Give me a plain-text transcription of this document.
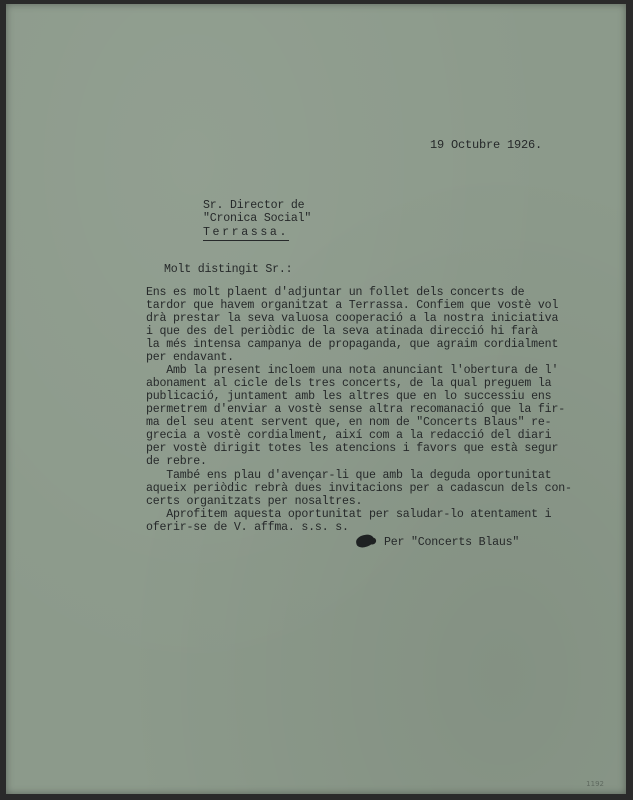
19 Octubre 1926.
Sr. Director de
"Cronica Social"
Terrassa.
Molt distingit Sr.:

Ens es molt plaent d'adjuntar un follet dels concerts de

tardor que havem organitzat a Terrassa. Confiem que vostè vol

drà prestar la seva valuosa cooperació a la nostra iniciativa

i que des del periòdic de la seva atinada direcció hi farà

la més intensa campanya de propaganda, que agraim cordialment

per endavant.

Amb la present incloem una nota anunciant l'obertura de l'

abonament al cicle dels tres concerts, de la qual preguem la

publicació, juntament amb les altres que en lo successiu ens

permetrem d'enviar a vostè sense altra recomanació que la fir-

ma del seu atent servent que, en nom de "Concerts Blaus" re-

grecia a vostè cordialment, així com a la redacció del diari

per vostè dirigit totes les atencions i favors que està segur

de rebre.

També ens plau d'avençar-li que amb la deguda oportunitat

aqueix periòdic rebrà dues invitacions per a cadascun dels con-

certs organitzats per nosaltres.

Aprofitem aquesta oportunitat per saludar-lo atentament i

oferir-se de V. affma. s.s. s.

Per "Concerts Blaus"
1192
